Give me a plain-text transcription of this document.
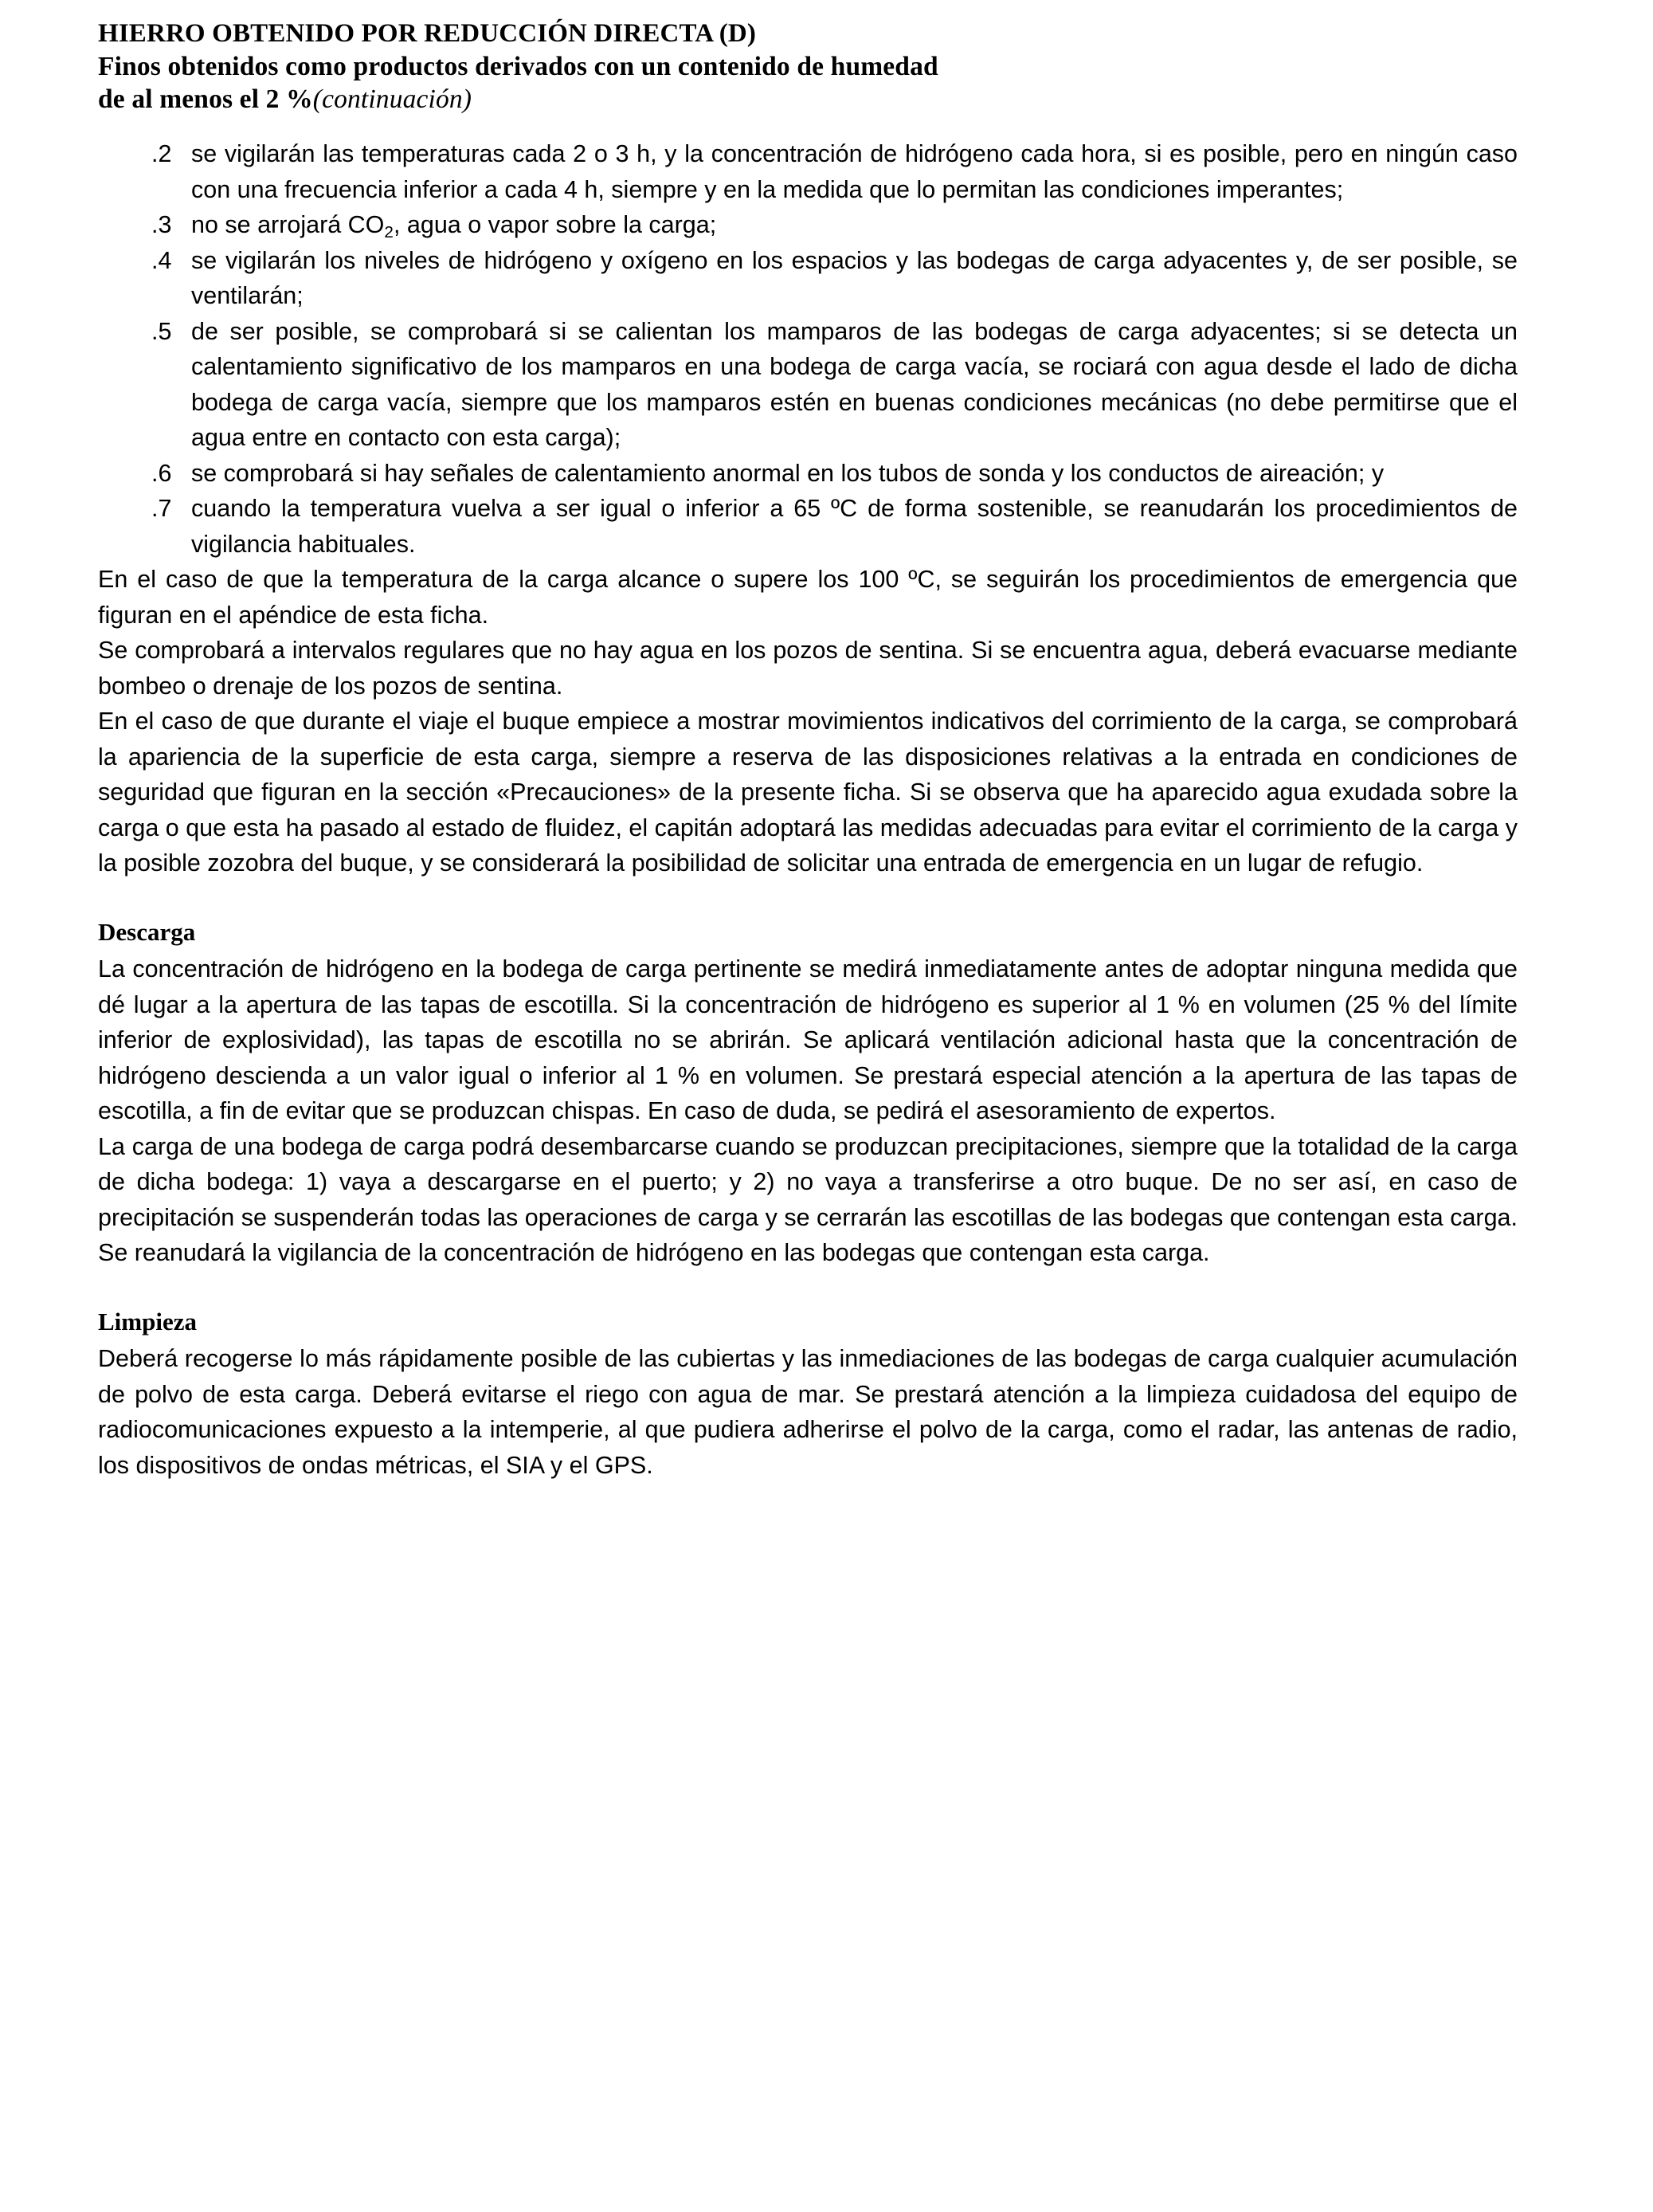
HIERRO OBTENIDO POR REDUCCIÓN DIRECTA (D)
Finos obtenidos como productos derivados con un contenido de humedad
de al menos el 2 %(continuación)
.2 se vigilarán las temperaturas cada 2 o 3 h, y la concentración de hidrógeno cada hora, si es posible, pero en ningún caso con una frecuencia inferior a cada 4 h, siempre y en la medida que lo permitan las condiciones imperantes;
.3 no se arrojará $CO_2$, agua o vapor sobre la carga;
.4 se vigilarán los niveles de hidrógeno y oxígeno en los espacios y las bodegas de carga adyacentes y, de ser posible, se ventilarán;
.5 de ser posible, se comprobará si se calientan los mamparos de las bodegas de carga adyacentes; si se detecta un calentamiento significativo de los mamparos en una bodega de carga vacía, se rociará con agua desde el lado de dicha bodega de carga vacía, siempre que los mamparos estén en buenas condiciones mecánicas (no debe permitirse que el agua entre en contacto con esta carga);
.6 se comprobará si hay señales de calentamiento anormal en los tubos de sonda y los conductos de aireación; y
.7 cuando la temperatura vuelva a ser igual o inferior a 65 ºC de forma sostenible, se reanudarán los procedimientos de vigilancia habituales.

En el caso de que la temperatura de la carga alcance o supere los 100 ºC, se seguirán los procedimientos de emergencia que figuran en el apéndice de esta ficha.

Se comprobará a intervalos regulares que no hay agua en los pozos de sentina. Si se encuentra agua, deberá evacuarse mediante bombeo o drenaje de los pozos de sentina.

En el caso de que durante el viaje el buque empiece a mostrar movimientos indicativos del corrimiento de la carga, se comprobará la apariencia de la superficie de esta carga, siempre a reserva de las disposiciones relativas a la entrada en condiciones de seguridad que figuran en la sección «Precauciones» de la presente ficha. Si se observa que ha aparecido agua exudada sobre la carga o que esta ha pasado al estado de fluidez, el capitán adoptará las medidas adecuadas para evitar el corrimiento de la carga y la posible zozobra del buque, y se considerará la posibilidad de solicitar una entrada de emergencia en un lugar de refugio.

Descarga

La concentración de hidrógeno en la bodega de carga pertinente se medirá inmediatamente antes de adoptar ninguna medida que dé lugar a la apertura de las tapas de escotilla. Si la concentración de hidrógeno es superior al 1 % en volumen (25 % del límite inferior de explosividad), las tapas de escotilla no se abrirán. Se aplicará ventilación adicional hasta que la concentración de hidrógeno descienda a un valor igual o inferior al 1 % en volumen. Se prestará especial atención a la apertura de las tapas de escotilla, a fin de evitar que se produzcan chispas. En caso de duda, se pedirá el asesoramiento de expertos.

La carga de una bodega de carga podrá desembarcarse cuando se produzcan precipitaciones, siempre que la totalidad de la carga de dicha bodega: 1) vaya a descargarse en el puerto; y 2) no vaya a transferirse a otro buque. De no ser así, en caso de precipitación se suspenderán todas las operaciones de carga y se cerrarán las escotillas de las bodegas que contengan esta carga. Se reanudará la vigilancia de la concentración de hidrógeno en las bodegas que contengan esta carga.

Limpieza

Deberá recogerse lo más rápidamente posible de las cubiertas y las inmediaciones de las bodegas de carga cualquier acumulación de polvo de esta carga. Deberá evitarse el riego con agua de mar. Se prestará atención a la limpieza cuidadosa del equipo de radiocomunicaciones expuesto a la intemperie, al que pudiera adherirse el polvo de la carga, como el radar, las antenas de radio, los dispositivos de ondas métricas, el SIA y el GPS.
